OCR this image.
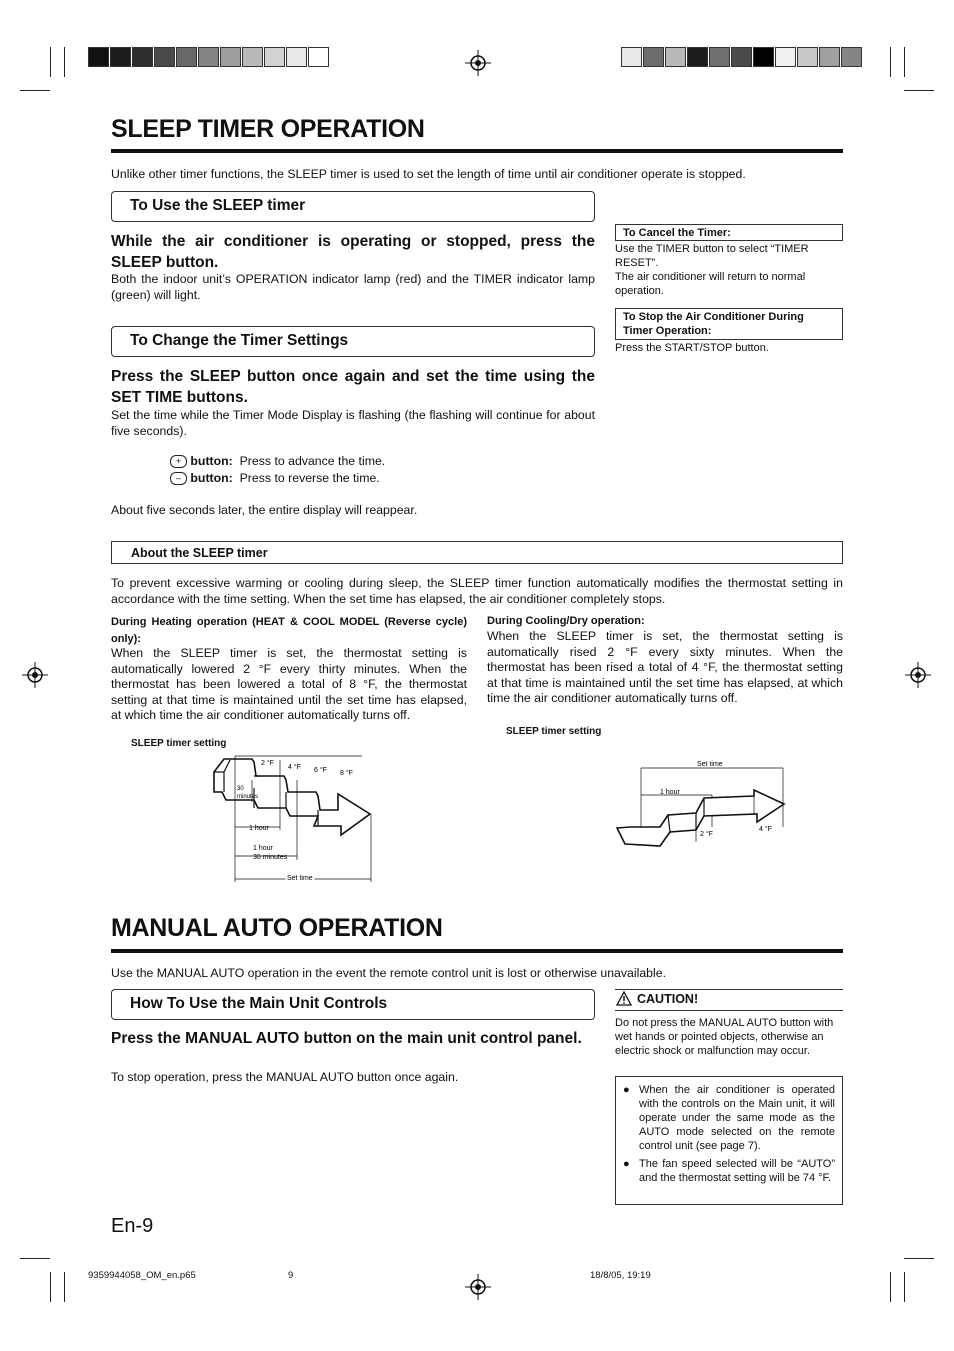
SLEEP TIMER OPERATION
Unlike other timer functions, the SLEEP timer is used to set the length of time until air conditioner operate is stopped.
To Use the SLEEP timer
While the air conditioner is operating or stopped, press the SLEEP button.
Both the indoor unit’s OPERATION indicator lamp (red) and the TIMER indicator lamp (green) will light.
To Change the Timer Settings
Press the SLEEP button once again and set the time using the SET TIME buttons.
Set the time while the Timer Mode Display is flashing (the flashing will continue for about five seconds).
+ button: Press to advance the time.
– button: Press to reverse the time.
About five seconds later, the entire display will reappear.
To Cancel the Timer:
Use the TIMER button to select “TIMER RESET”.
The air conditioner will return to normal operation.
To Stop the Air Conditioner During Timer Operation:
Press the START/STOP button.
About the SLEEP timer
To prevent excessive warming or cooling during sleep, the SLEEP timer function automatically modifies the thermostat setting in accordance with the time setting. When the set time has elapsed, the air conditioner completely stops.
During Heating operation (HEAT & COOL MODEL (Reverse cycle) only):
When the SLEEP timer is set, the thermostat setting is automatically lowered 2 °F every thirty minutes. When the thermostat has been lowered a total of 8 °F, the thermostat setting at that time is maintained until the set time has elapsed, at which time the air conditioner automatically turns off.
During Cooling/Dry operation:
When the SLEEP timer is set, the thermostat setting is automatically rised 2 °F every sixty minutes. When the thermostat has been rised a total of 4 °F, the thermostat setting at that time is maintained until the set time has elapsed, at which time the air conditioner automatically turns off.
SLEEP timer setting
2 °F
4 °F 6 °F 8 °F
30
minutes
1 hour
1 hour
30 minutes
Set time
SLEEP timer setting
Set time
1 hour
2 °F
4 °F
MANUAL AUTO OPERATION
Use the MANUAL AUTO operation in the event the remote control unit is lost or otherwise unavailable.
How To Use the Main Unit Controls
Press the MANUAL AUTO button on the main unit control panel.
To stop operation, press the MANUAL AUTO button once again.
CAUTION!
Do not press the MANUAL AUTO button with wet hands or pointed objects, otherwise an electric shock or malfunction may occur.
● When the air conditioner is operated with the controls on the Main unit, it will operate under the same mode as the AUTO mode selected on the remote control unit (see page 7).
● The fan speed selected will be “AUTO” and the thermostat setting will be 74 °F.
En-9
9359944058_OM_en.p65	9	18/8/05, 19:19
